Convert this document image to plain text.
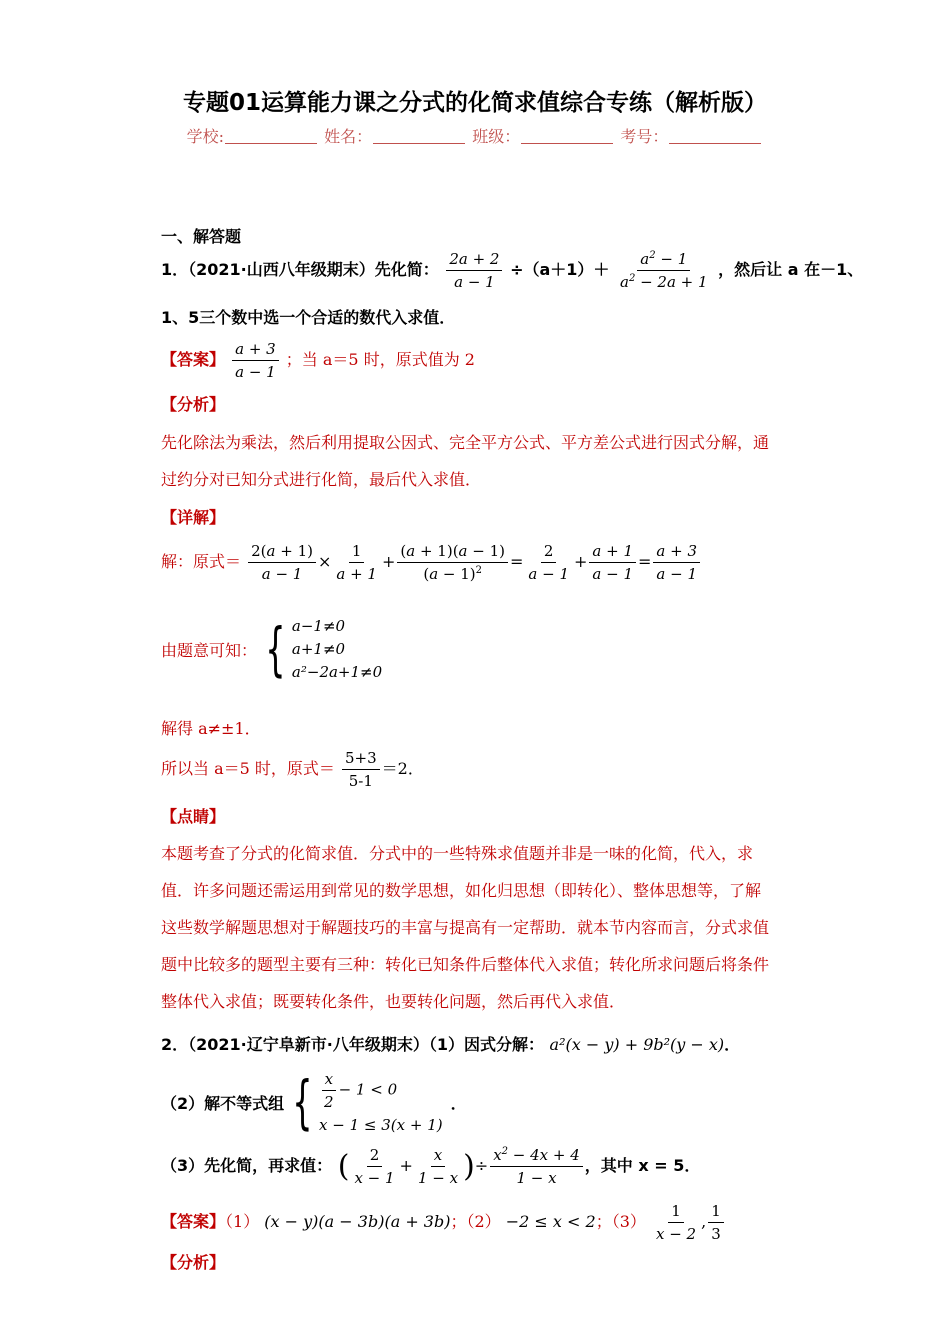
专题01运算能力课之分式的化简求值综合专练（解析版）
学校:	姓名：	班级：	考号：
一、解答题
1．（2021·山西八年级期末）先化简： $\frac{2a + 2}{a - 1} \div(a+1)+ \frac{a^2 - 1}{a^2 - 2a + 1}$ ，然后让 a 在－1、
1、5三个数中选一个合适的数代入求值．
【答案】 $\frac{a + 3}{a - 1}$ ；当 a＝5 时，原式值为 2
【分析】
先化除法为乘法，然后利用提取公因式、完全平方公式、平方差公式进行因式分解，通
过约分对已知分式进行化简，最后代入求值．
【详解】
解：原式＝ $\frac{2(a + 1)}{a - 1} \times \frac{1}{a + 1} + \frac{(a + 1)(a - 1)}{(a - 1)^2} = \frac{2}{a - 1} + \frac{a + 1}{a - 1} = \frac{a + 3}{a - 1}$
由题意可知： { a−1≠0
a+1≠0
a²−2a+1≠0
解得 a≠±1．
所以当 a＝5 时，原式＝ $\frac{5+3}{5-1} =2$．
【点睛】
本题考查了分式的化简求值．分式中的一些特殊求值题并非是一味的化简，代入，求
值．许多问题还需运用到常见的数学思想，如化归思想（即转化）、整体思想等，了解
这些数学解题思想对于解题技巧的丰富与提高有一定帮助．就本节内容而言，分式求值
题中比较多的题型主要有三种：转化已知条件后整体代入求值；转化所求问题后将条件
整体代入求值；既要转化条件，也要转化问题，然后再代入求值．
2．（2021·辽宁阜新市·八年级期末）（1）因式分解： a²(x − y) + 9b²(y − x)．
（2）解不等式组 { $\frac{x}{2} - 1 < 0$
x − 1 ≤ 3(x + 1)
．
（3）先化简，再求值： ( $\frac{2}{x - 1} + \frac{x}{1 - x}$ )÷ $\frac{x^2 - 4x + 4}{1 - x}$ ，其中 x = 5．
【答案】（1） (x − y)(a − 3b)(a + 3b)；（2） −2 ≤ x < 2；$(3) \frac{1}{x - 2}$ , $\frac{1}{3}$
【分析】
